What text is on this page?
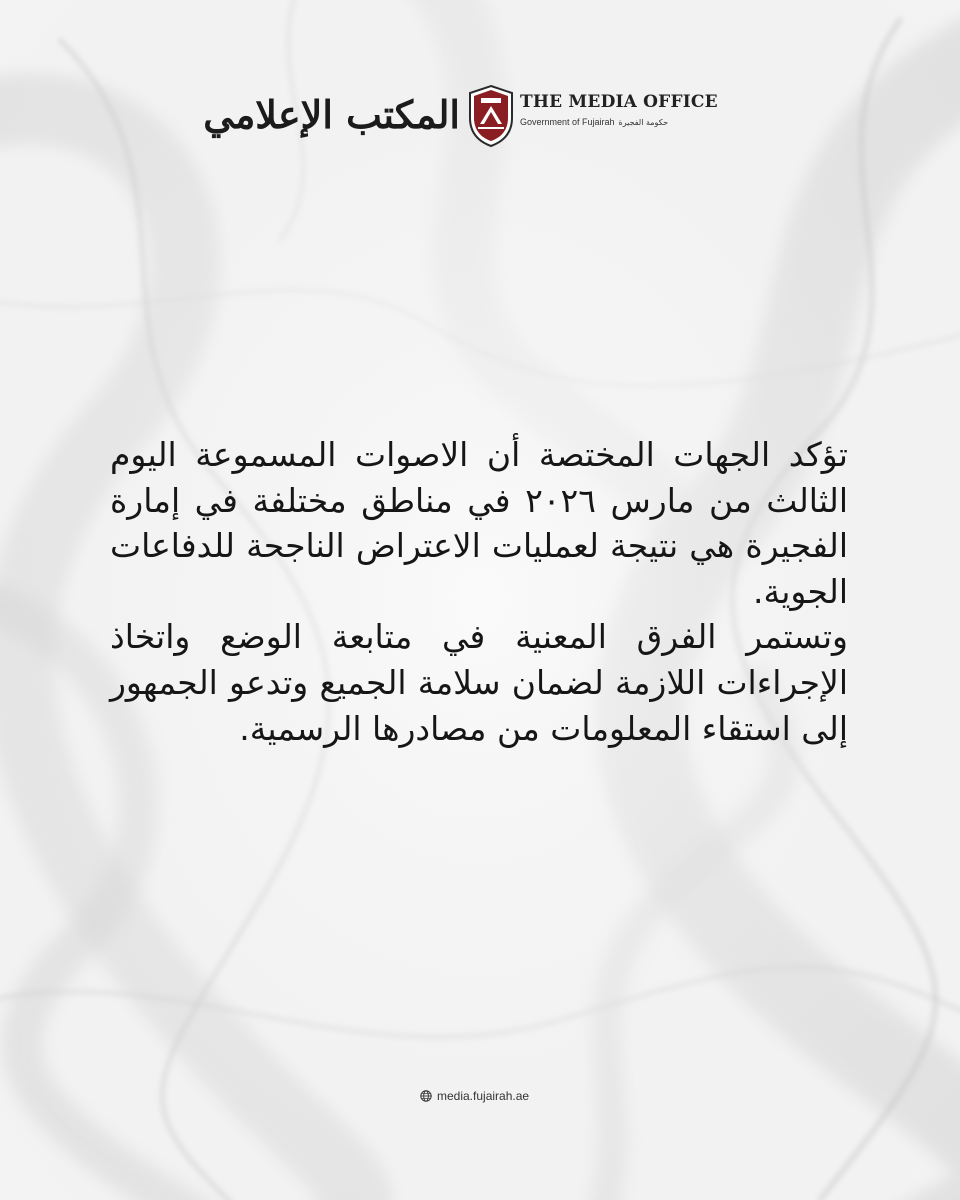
المكتب الإعلامي	THE MEDIA OFFICE
Government of Fujairah حكومة الفجيرة

تؤكد الجهات المختصة أن الاصوات المسموعة اليوم الثالث من مارس ٢٠٢٦ في مناطق مختلفة في إمارة الفجيرة هي نتيجة لعمليات الاعتراض الناجحة للدفاعات الجوية.

وتستمر الفرق المعنية في متابعة الوضع واتخاذ الإجراءات اللازمة لضمان سلامة الجميع وتدعو الجمهور إلى استقاء المعلومات من مصادرها الرسمية.

media.fujairah.ae
